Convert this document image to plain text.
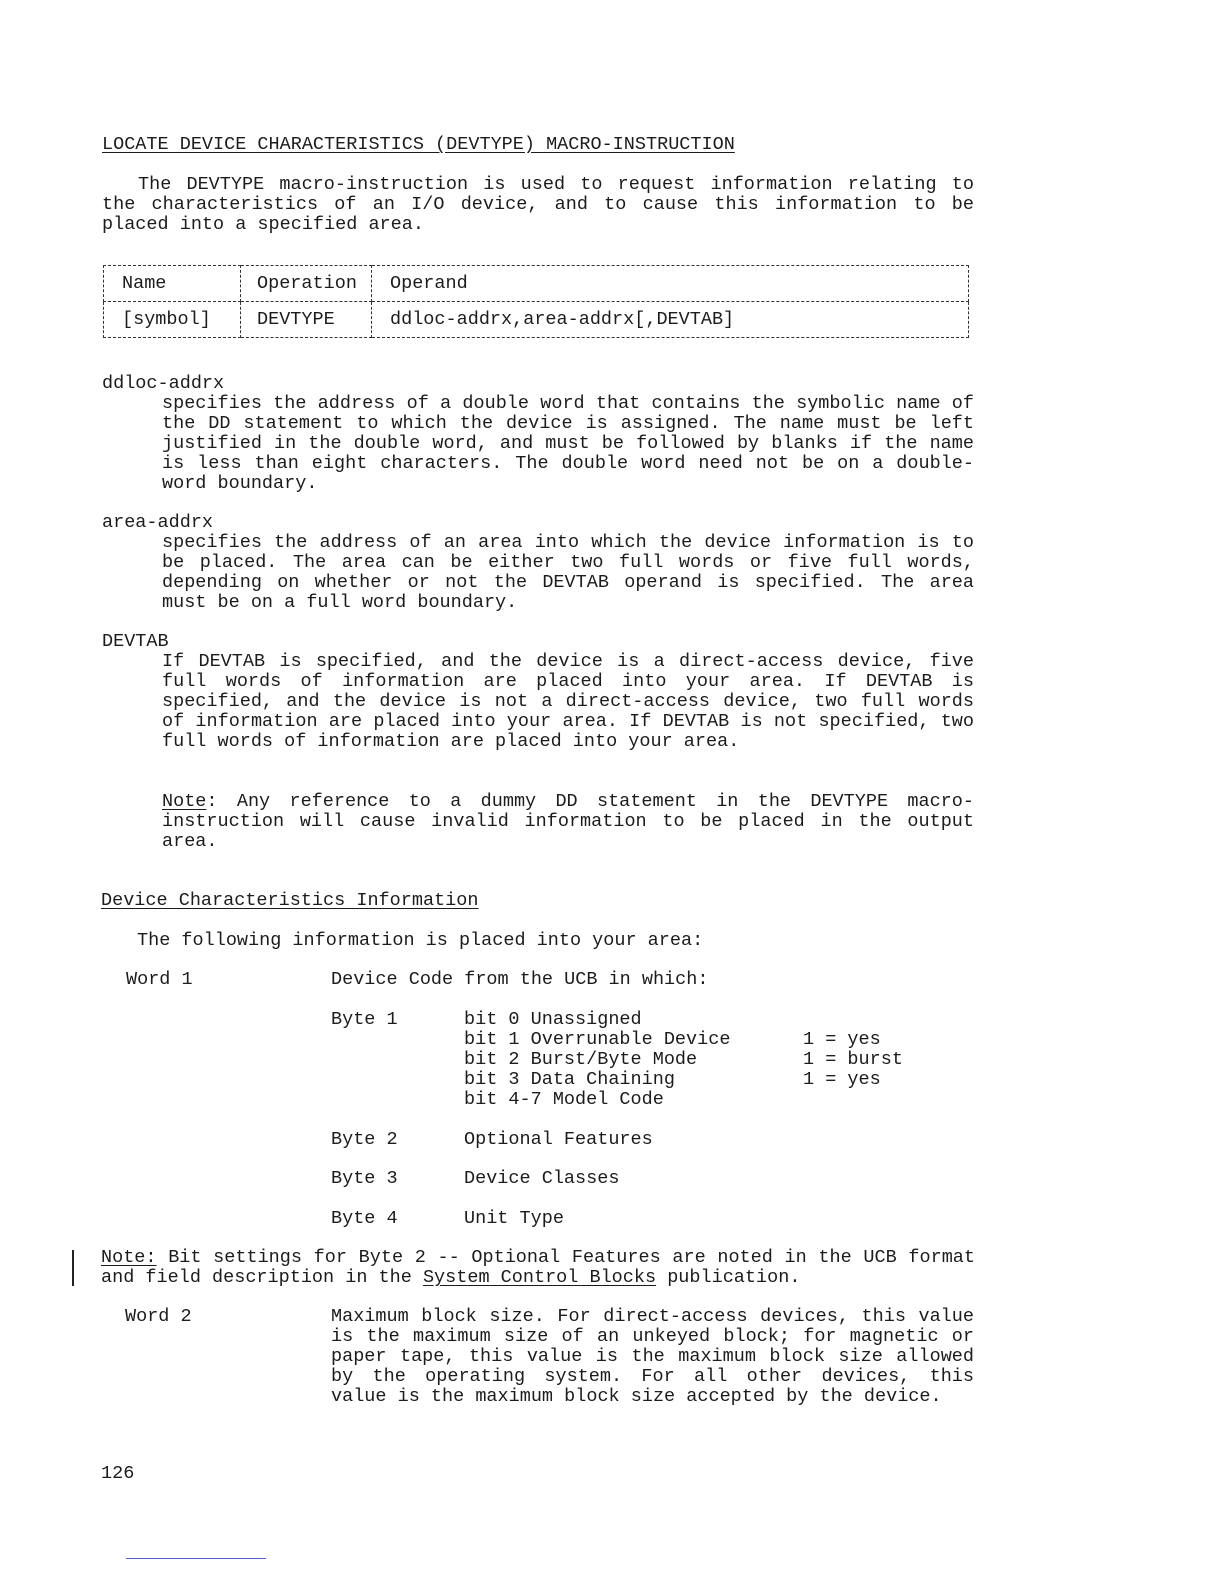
LOCATE DEVICE CHARACTERISTICS (DEVTYPE) MACRO-INSTRUCTION
The DEVTYPE macro-instruction is used to request information relating to the characteristics of an I/O device, and to cause this information to be placed into a specified area.
Name	Operation	Operand
[symbol]	DEVTYPE	ddloc-addrx,area-addrx[,DEVTAB]
ddloc-addrx
specifies the address of a double word that contains the symbolic name of the DD statement to which the device is assigned. The name must be left justified in the double word, and must be followed by blanks if the name is less than eight characters. The double word need not be on a double-word boundary.
area-addrx
specifies the address of an area into which the device information is to be placed. The area can be either two full words or five full words, depending on whether or not the DEVTAB operand is specified. The area must be on a full word boundary.
DEVTAB
If DEVTAB is specified, and the device is a direct-access device, five full words of information are placed into your area. If DEVTAB is specified, and the device is not a direct-access device, two full words of information are placed into your area. If DEVTAB is not specified, two full words of information are placed into your area.
Note: Any reference to a dummy DD statement in the DEVTYPE macro-instruction will cause invalid information to be placed in the output area.
Device Characteristics Information
The following information is placed into your area:
Word 1	Device Code from the UCB in which:
Byte 1	bit 0 Unassigned
bit 1 Overrunable Device	1 = yes
bit 2 Burst/Byte Mode	1 = burst
bit 3 Data Chaining	1 = yes
bit 4-7 Model Code
Byte 2	Optional Features
Byte 3	Device Classes
Byte 4	Unit Type
Note: Bit settings for Byte 2 -- Optional Features are noted in the UCB format and field description in the System Control Blocks publication.
Word 2	Maximum block size. For direct-access devices, this value is the maximum size of an unkeyed block; for magnetic or paper tape, this value is the maximum block size allowed by the operating system. For all other devices, this value is the maximum block size accepted by the device.
126
